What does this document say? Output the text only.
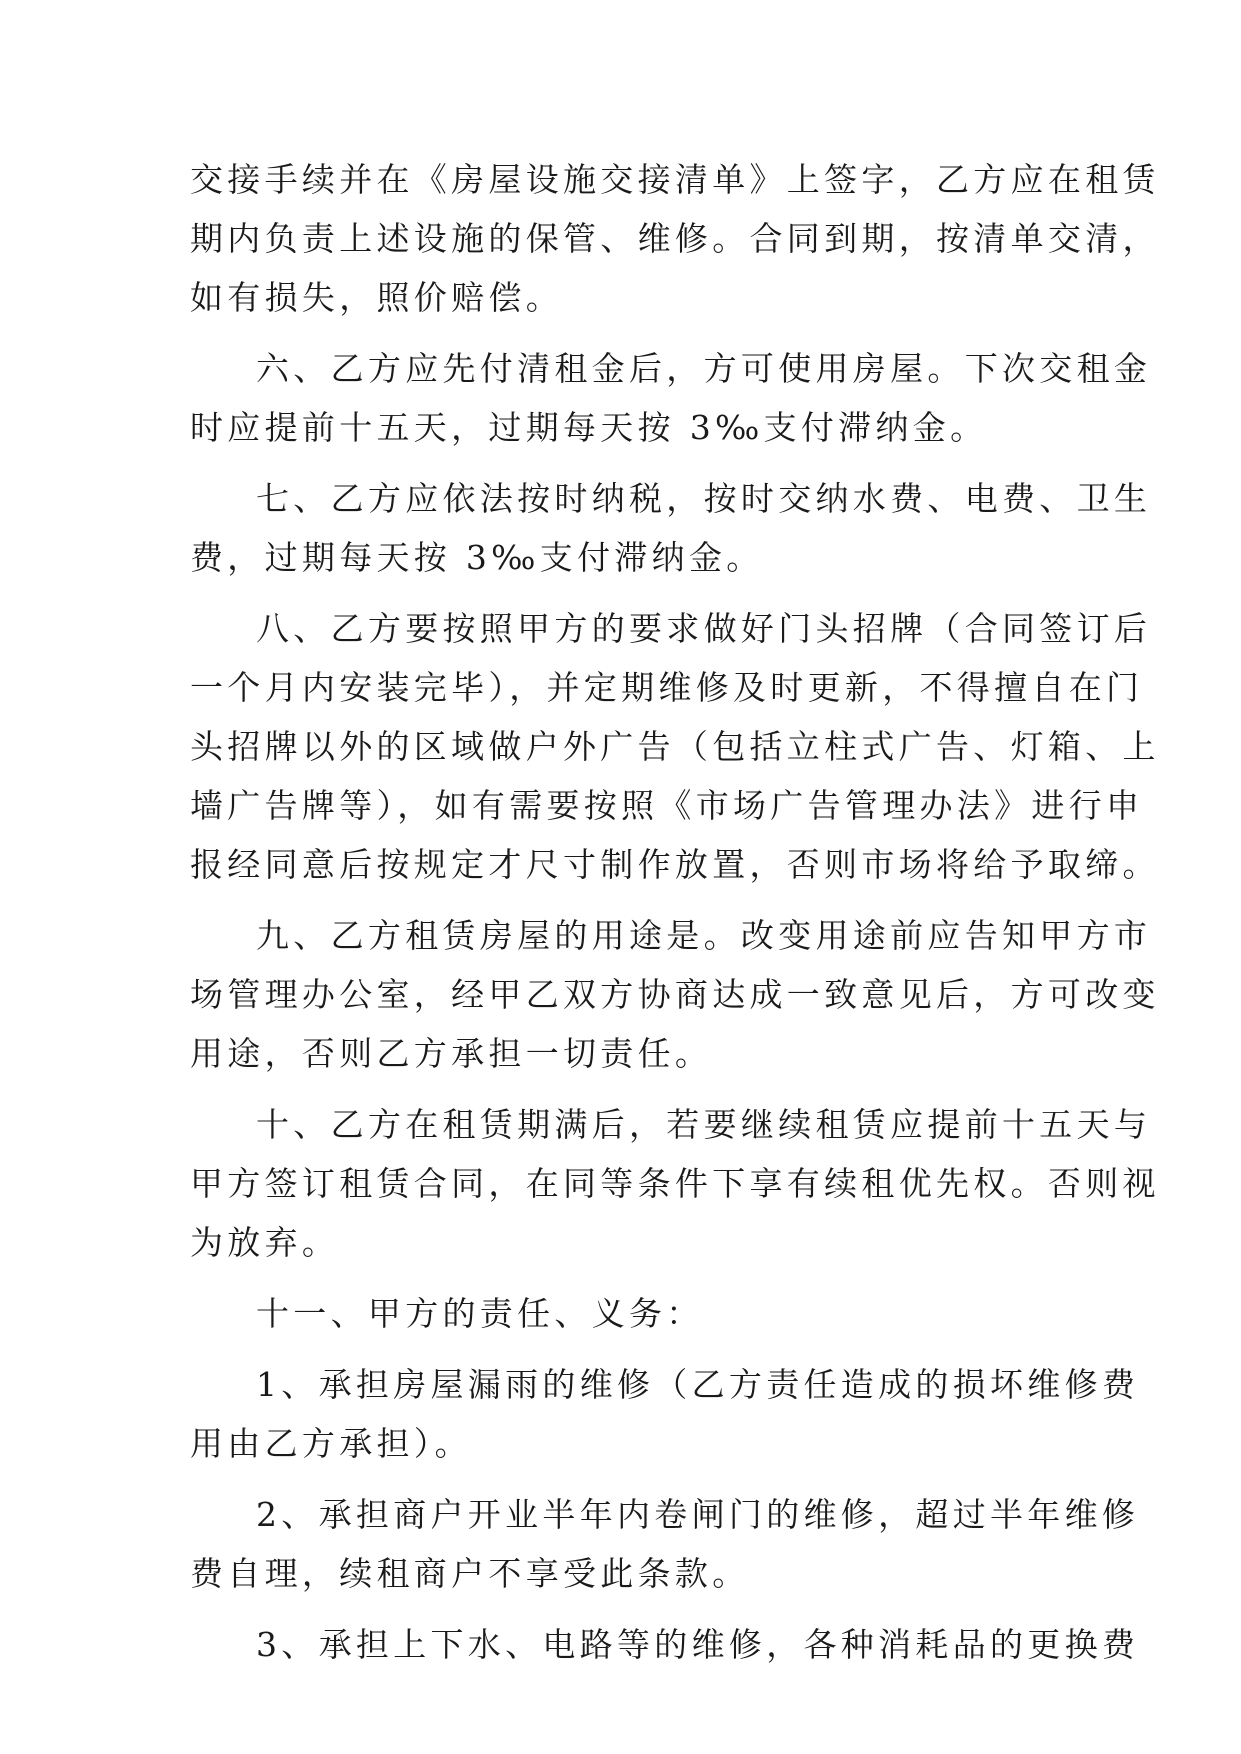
交接手续并在《房屋设施交接清单》上签字，乙方应在租赁
期内负责上述设施的保管、维修。合同到期，按清单交清，
如有损失，照价赔偿。
六、乙方应先付清租金后，方可使用房屋。下次交租金
时应提前十五天，过期每天按 3‰支付滞纳金。
七、乙方应依法按时纳税，按时交纳水费、电费、卫生
费，过期每天按 3‰支付滞纳金。
八、乙方要按照甲方的要求做好门头招牌（合同签订后
一个月内安装完毕），并定期维修及时更新，不得擅自在门
头招牌以外的区域做户外广告（包括立柱式广告、灯箱、上
墙广告牌等），如有需要按照《市场广告管理办法》进行申
报经同意后按规定才尺寸制作放置，否则市场将给予取缔。
九、乙方租赁房屋的用途是。改变用途前应告知甲方市
场管理办公室，经甲乙双方协商达成一致意见后，方可改变
用途，否则乙方承担一切责任。
十、乙方在租赁期满后，若要继续租赁应提前十五天与
甲方签订租赁合同，在同等条件下享有续租优先权。否则视
为放弃。
十一、甲方的责任、义务：
1、承担房屋漏雨的维修（乙方责任造成的损坏维修费
用由乙方承担）。
2、承担商户开业半年内卷闸门的维修，超过半年维修
费自理，续租商户不享受此条款。
3、承担上下水、电路等的维修，各种消耗品的更换费
